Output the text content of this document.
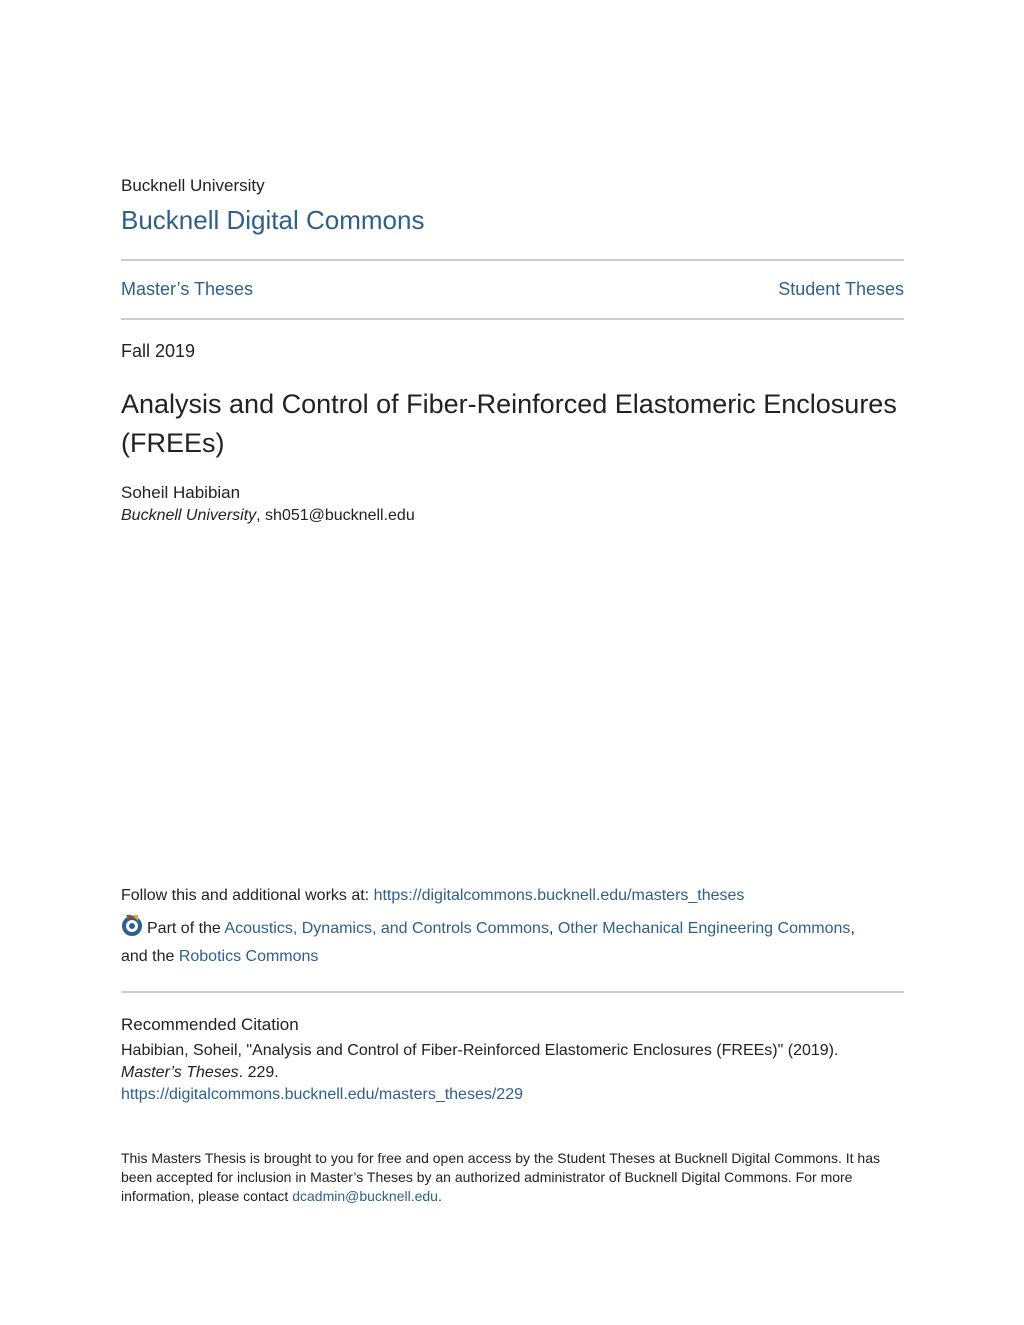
Bucknell University
Bucknell Digital Commons
Master’s Theses	Student Theses
Fall 2019
Analysis and Control of Fiber-Reinforced Elastomeric Enclosures (FREEs)
Soheil Habibian
Bucknell University, sh051@bucknell.edu
Follow this and additional works at: https://digitalcommons.bucknell.edu/masters_theses
Part of the Acoustics, Dynamics, and Controls Commons, Other Mechanical Engineering Commons,
and the Robotics Commons
Recommended Citation
Habibian, Soheil, "Analysis and Control of Fiber-Reinforced Elastomeric Enclosures (FREEs)" (2019).
Master’s Theses. 229.
https://digitalcommons.bucknell.edu/masters_theses/229
This Masters Thesis is brought to you for free and open access by the Student Theses at Bucknell Digital Commons. It has been accepted for inclusion in Master’s Theses by an authorized administrator of Bucknell Digital Commons. For more information, please contact dcadmin@bucknell.edu.
